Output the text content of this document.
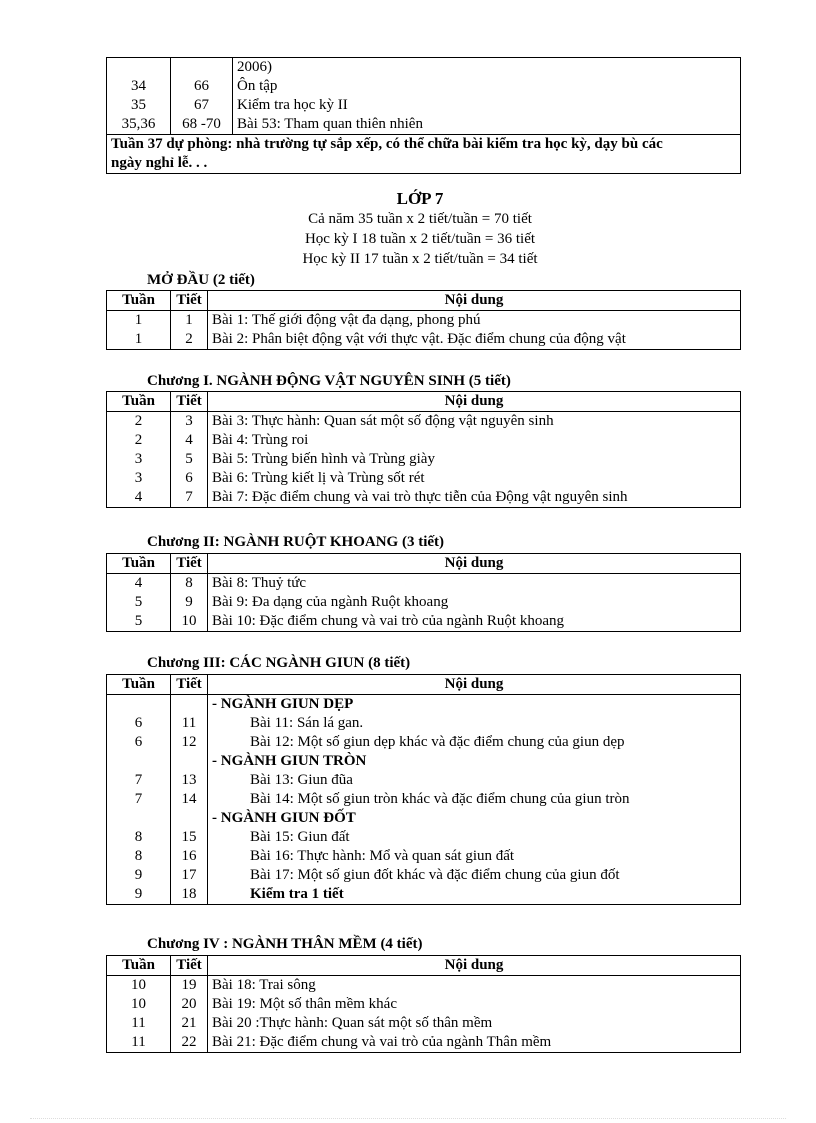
		2006)
34	66	Ôn tập
35	67	Kiểm tra học kỳ II
35,36	68 -70	Bài 53: Tham quan thiên nhiên
Tuần 37 dự phòng: nhà trường tự sắp xếp, có thể chữa bài kiểm tra học kỳ, dạy bù các
ngày nghỉ lễ. . .		
LỚP 7
Cả năm 35 tuần x 2 tiết/tuần = 70 tiết
Học kỳ I 18 tuần x 2 tiết/tuần = 36 tiết
Học kỳ II 17 tuần x 2 tiết/tuần = 34 tiết
MỞ ĐẦU (2 tiết)
Tuần	Tiết	Nội dung
1	1	Bài 1: Thế giới động vật đa dạng, phong phú
1	2	Bài 2: Phân biệt động vật với thực vật. Đặc điểm chung của động vật
Chương I. NGÀNH ĐỘNG VẬT NGUYÊN SINH (5 tiết)
Tuần	Tiết	Nội dung
2	3	Bài 3: Thực hành: Quan sát một số động vật nguyên sinh
2	4	Bài 4: Trùng roi
3	5	Bài 5: Trùng biến hình và Trùng giày
3	6	Bài 6: Trùng kiết lị và Trùng sốt rét
4	7	Bài 7: Đặc điểm chung và vai trò thực tiễn của Động vật nguyên sinh
Chương II: NGÀNH RUỘT KHOANG (3 tiết)
Tuần	Tiết	Nội dung
4	8	Bài 8: Thuỷ tức
5	9	Bài 9: Đa dạng của ngành Ruột khoang
5	10	Bài 10: Đặc điểm chung và vai trò của ngành Ruột khoang
Chương III: CÁC NGÀNH GIUN (8 tiết)
Tuần	Tiết	Nội dung
		- NGÀNH GIUN DẸP
6	11	Bài 11: Sán lá gan.
6	12	Bài 12: Một số giun dẹp khác và đặc điểm chung của giun dẹp
		- NGÀNH GIUN TRÒN
7	13	Bài 13: Giun đũa
7	14	Bài 14: Một số giun tròn khác và đặc điểm chung của giun tròn
		- NGÀNH GIUN ĐỐT
8	15	Bài 15: Giun đất
8	16	Bài 16: Thực hành: Mổ và quan sát giun đất
9	17	Bài 17: Một số giun đốt khác và đặc điểm chung của giun đốt
9	18	Kiểm tra 1 tiết
Chương IV : NGÀNH THÂN MỀM (4 tiết)
Tuần	Tiết	Nội dung
10	19	Bài 18: Trai sông
10	20	Bài 19: Một số thân mềm khác
11	21	Bài 20 :Thực hành: Quan sát một số thân mềm
11	22	Bài 21: Đặc điểm chung và vai trò của ngành Thân mềm
